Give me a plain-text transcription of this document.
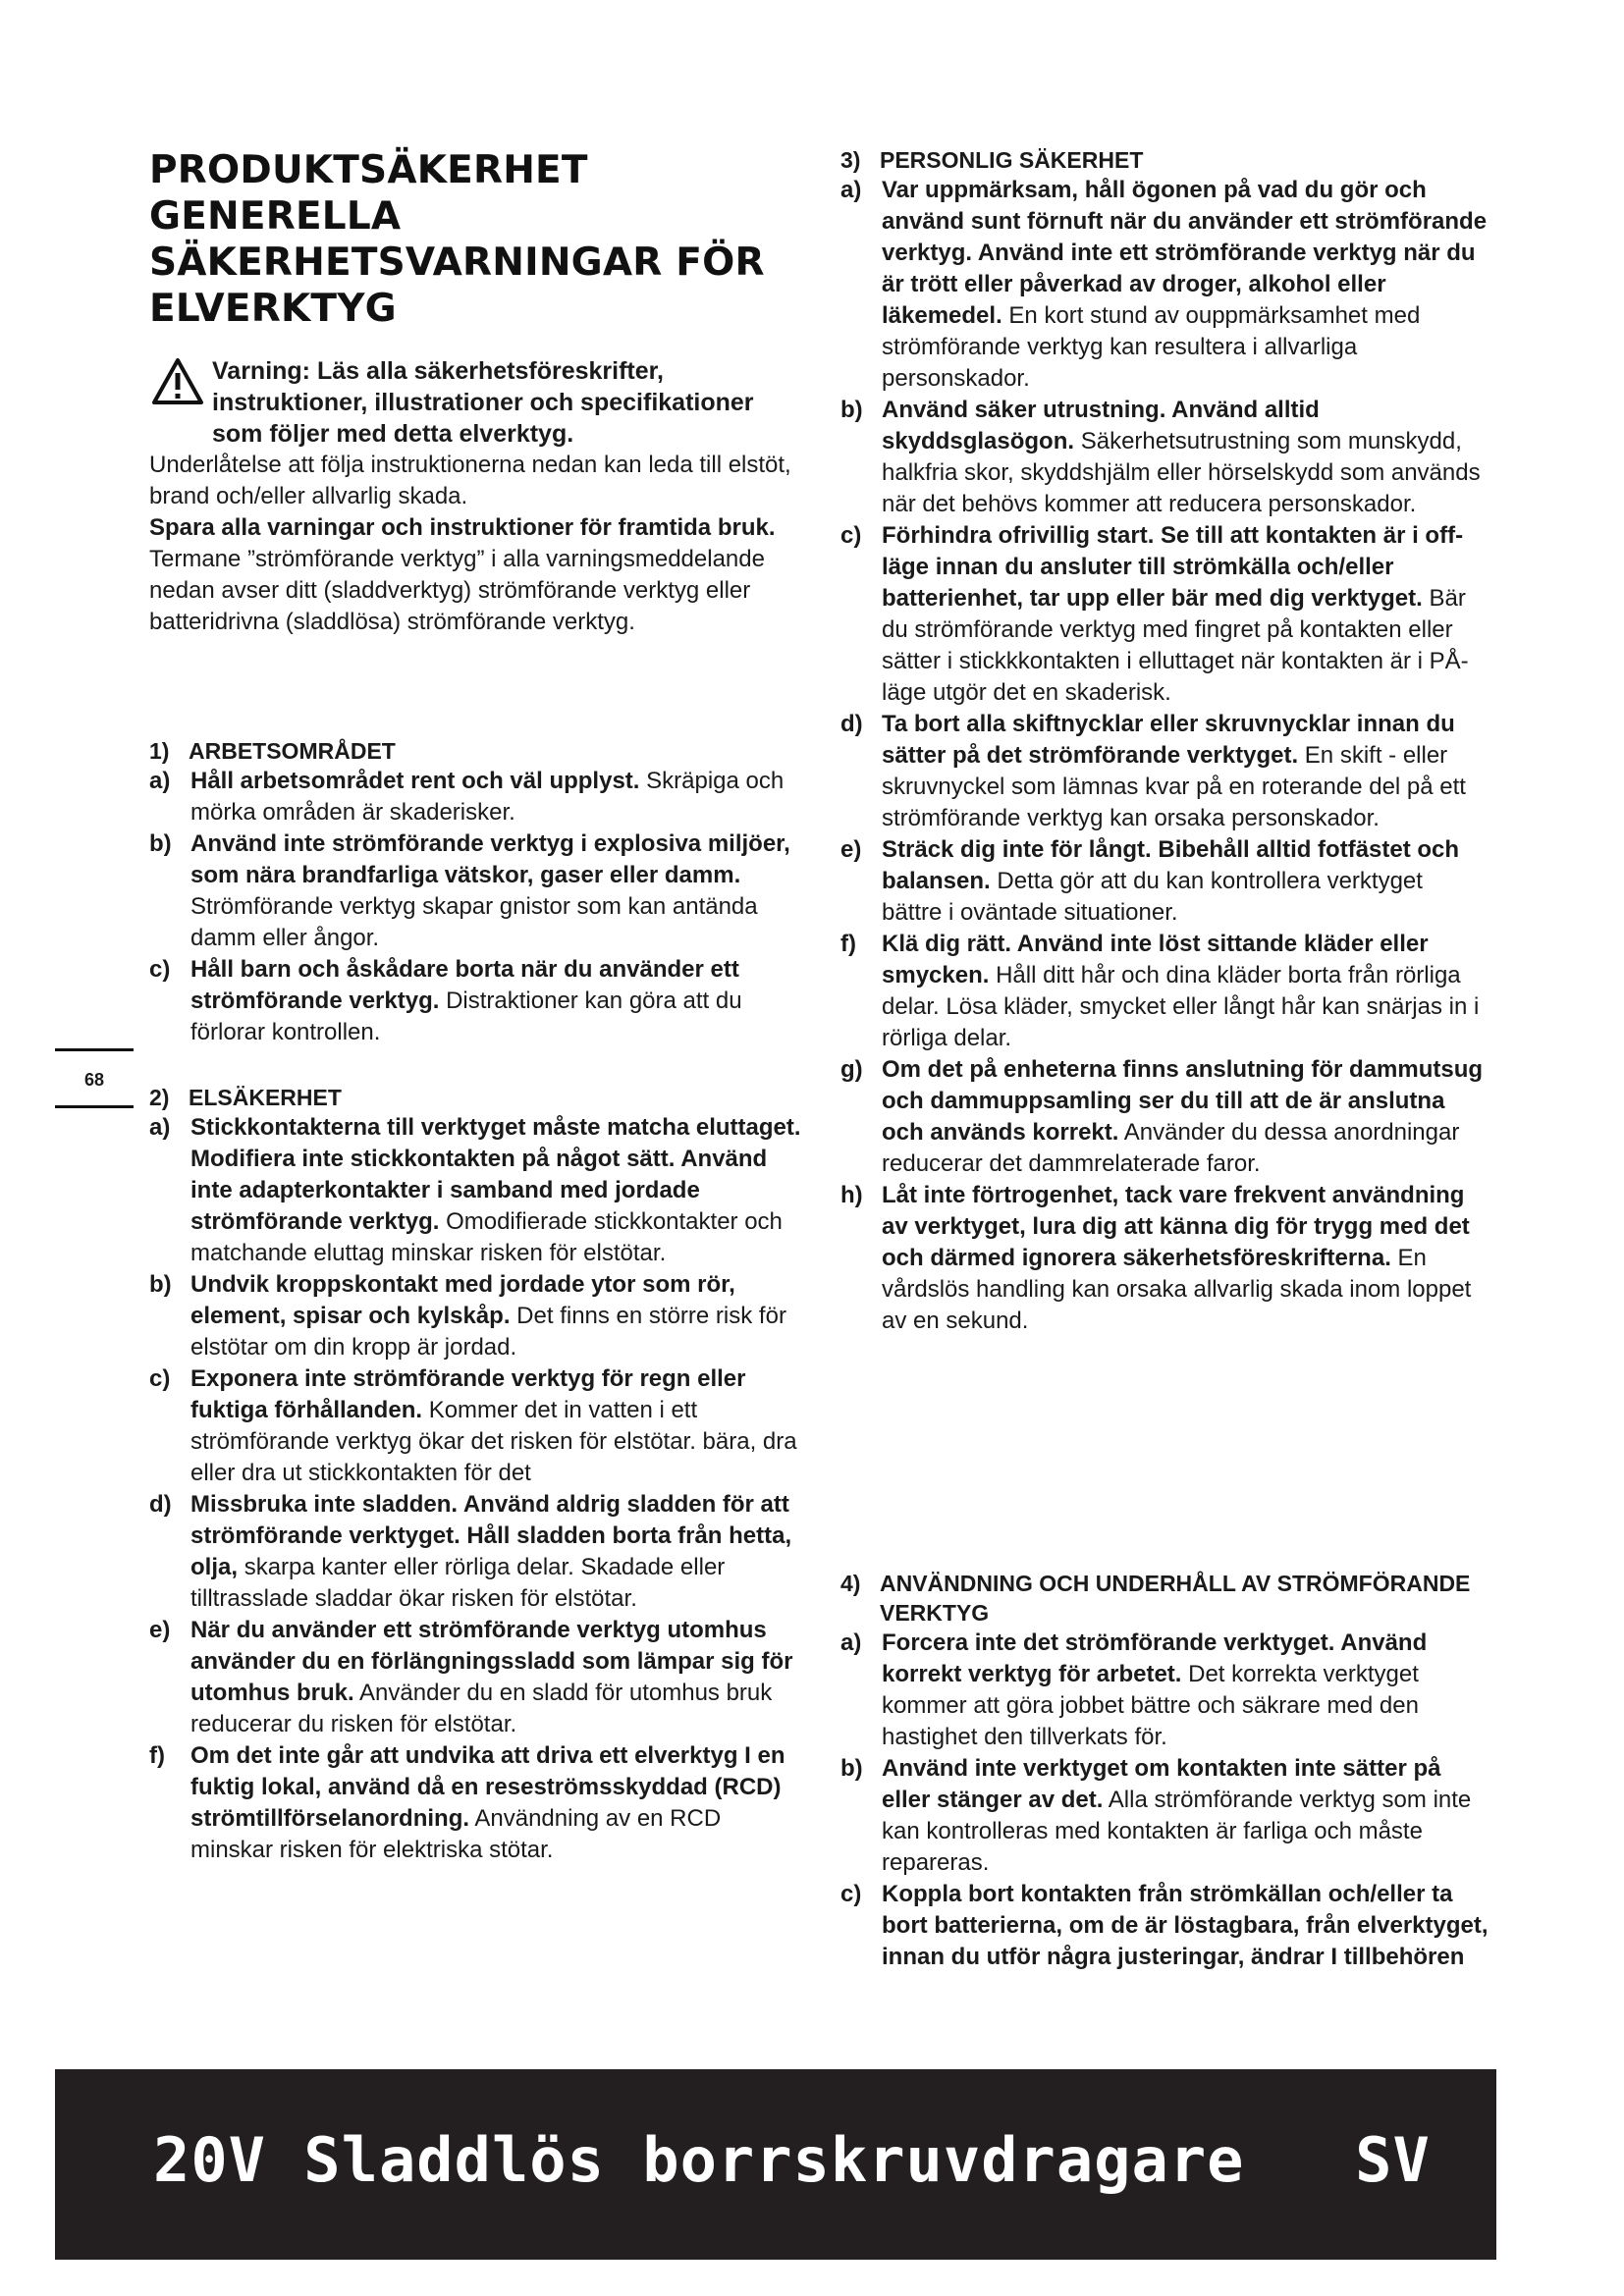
PRODUKTSÄKERHET GENERELLA SÄKERHETSVARNINGAR FÖR ELVERKTYG

Varning: Läs alla säkerhetsföreskrifter, instruktioner, illustrationer och specifikationer som följer med detta elverktyg.

Underlåtelse att följa instruktionerna nedan kan leda till elstöt, brand och/eller allvarlig skada.

Spara alla varningar och instruktioner för framtida bruk.

Termane ”strömförande verktyg” i alla varningsmeddelande nedan avser ditt (sladdverktyg) strömförande verktyg eller batteridrivna (sladdlösa) strömförande verktyg.

1) ARBETSOMRÅDET

a) Håll arbetsområdet rent och väl upplyst. Skräpiga och mörka områden är skaderisker.

b) Använd inte strömförande verktyg i explosiva miljöer, som nära brandfarliga vätskor, gaser eller damm. Strömförande verktyg skapar gnistor som kan antända damm eller ångor.

c) Håll barn och åskådare borta när du använder ett strömförande verktyg. Distraktioner kan göra att du förlorar kontrollen.

2) ELSÄKERHET

a) Stickkontakterna till verktyget måste matcha eluttaget. Modifiera inte stickkontakten på något sätt. Använd inte adapterkontakter i samband med jordade strömförande verktyg. Omodifierade stickkontakter och matchande eluttag minskar risken för elstötar.

b) Undvik kroppskontakt med jordade ytor som rör, element, spisar och kylskåp. Det finns en större risk för elstötar om din kropp är jordad.

c) Exponera inte strömförande verktyg för regn eller fuktiga förhållanden. Kommer det in vatten i ett strömförande verktyg ökar det risken för elstötar. bära, dra eller dra ut stickkontakten för det

d) Missbruka inte sladden. Använd aldrig sladden för att strömförande verktyget. Håll sladden borta från hetta, olja, skarpa kanter eller rörliga delar. Skadade eller tilltrasslade sladdar ökar risken för elstötar.

e) När du använder ett strömförande verktyg utomhus använder du en förlängningssladd som lämpar sig för utomhus bruk. Använder du en sladd för utomhus bruk reducerar du risken för elstötar.

f) Om det inte går att undvika att driva ett elverktyg I en fuktig lokal, använd då en reseströmsskyddad (RCD) strömtillförselanordning. Användning av en RCD minskar risken för elektriska stötar.

3) PERSONLIG SÄKERHET

a) Var uppmärksam, håll ögonen på vad du gör och använd sunt förnuft när du använder ett strömförande verktyg. Använd inte ett strömförande verktyg när du är trött eller påverkad av droger, alkohol eller läkemedel. En kort stund av ouppmärksamhet med strömförande verktyg kan resultera i allvarliga personskador.

b) Använd säker utrustning. Använd alltid skyddsglasögon. Säkerhetsutrustning som munskydd, halkfria skor, skyddshjälm eller hörselskydd som används när det behövs kommer att reducera personskador.

c) Förhindra ofrivillig start. Se till att kontakten är i off-läge innan du ansluter till strömkälla och/eller batterienhet, tar upp eller bär med dig verktyget. Bär du strömförande verktyg med fingret på kontakten eller sätter i stickkkontakten i elluttaget när kontakten är i PÅ-läge utgör det en skaderisk.

d) Ta bort alla skiftnycklar eller skruvnycklar innan du sätter på det strömförande verktyget. En skift - eller skruvnyckel som lämnas kvar på en roterande del på ett strömförande verktyg kan orsaka personskador.

e) Sträck dig inte för långt. Bibehåll alltid fotfästet och balansen. Detta gör att du kan kontrollera verktyget bättre i oväntade situationer.

f) Klä dig rätt. Använd inte löst sittande kläder eller smycken. Håll ditt hår och dina kläder borta från rörliga delar. Lösa kläder, smycket eller långt hår kan snärjas in i rörliga delar.

g) Om det på enheterna finns anslutning för dammutsug och dammuppsamling ser du till att de är anslutna och används korrekt. Använder du dessa anordningar reducerar det dammrelaterade faror.

h) Låt inte förtrogenhet, tack vare frekvent användning av verktyget, lura dig att känna dig för trygg med det och därmed ignorera säkerhetsföreskrifterna. En vårdslös handling kan orsaka allvarlig skada inom loppet av en sekund.

4) ANVÄNDNING OCH UNDERHÅLL AV STRÖMFÖRANDE VERKTYG

a) Forcera inte det strömförande verktyget. Använd korrekt verktyg för arbetet. Det korrekta verktyget kommer att göra jobbet bättre och säkrare med den hastighet den tillverkats för.

b) Använd inte verktyget om kontakten inte sätter på eller stänger av det. Alla strömförande verktyg som inte kan kontrolleras med kontakten är farliga och måste repareras.

c) Koppla bort kontakten från strömkällan och/eller ta bort batterierna, om de är löstagbara, från elverktyget, innan du utför några justeringar, ändrar I tillbehören

68

20V Sladdlös borrskruvdragare SV
